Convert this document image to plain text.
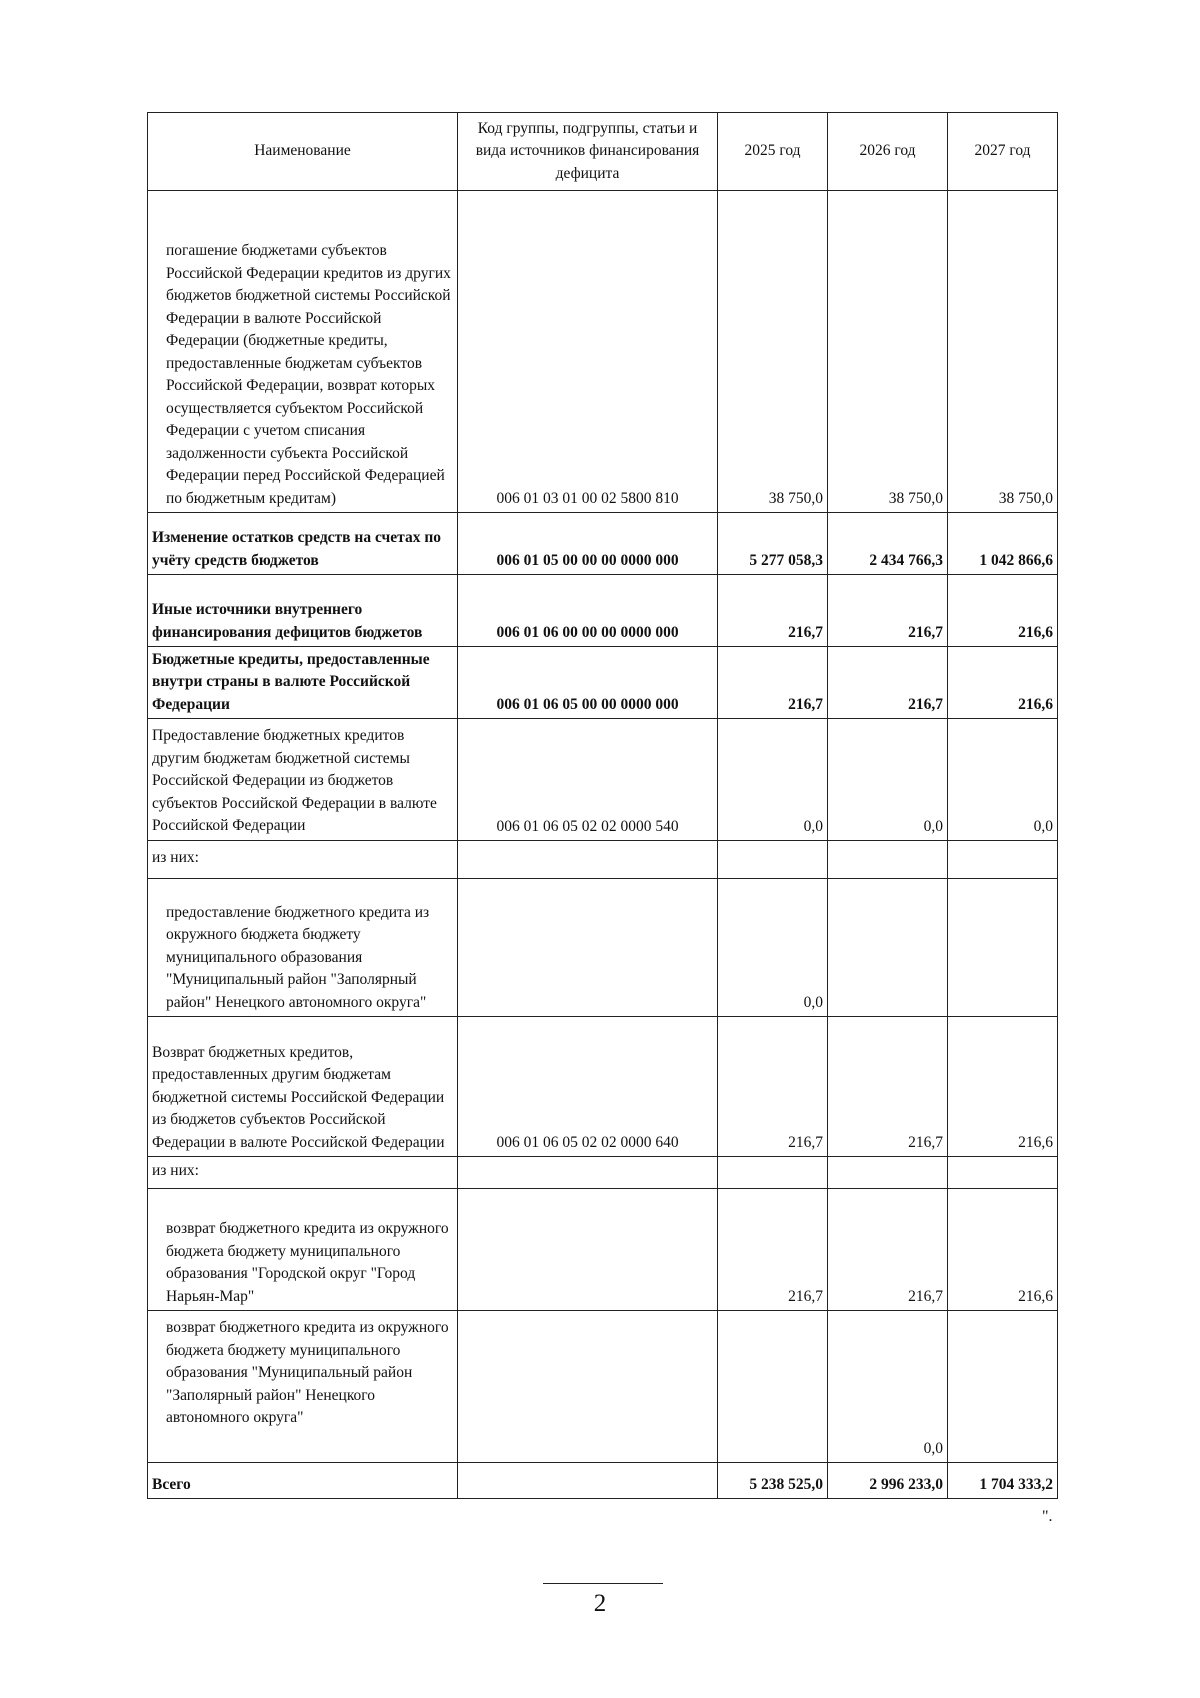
Наименование	Код группы, подгруппы, статьи и вида источников финансирования дефицита	2025 год	2026 год	2027 год
погашение бюджетами субъектов Российской Федерации кредитов из других бюджетов бюджетной системы Российской Федерации в валюте Российской Федерации (бюджетные кредиты, предоставленные бюджетам субъектов Российской Федерации, возврат которых осуществляется субъектом Российской Федерации с учетом списания задолженности субъекта Российской Федерации перед Российской Федерацией по бюджетным кредитам)	006 01 03 01 00 02 5800 810	38 750,0	38 750,0	38 750,0
Изменение остатков средств на счетах по учёту средств бюджетов	006 01 05 00 00 00 0000 000	5 277 058,3	2 434 766,3	1 042 866,6
Иные источники внутреннего финансирования дефицитов бюджетов	006 01 06 00 00 00 0000 000	216,7	216,7	216,6
Бюджетные кредиты, предоставленные внутри страны в валюте Российской Федерации	006 01 06 05 00 00 0000 000	216,7	216,7	216,6
Предоставление бюджетных кредитов другим бюджетам бюджетной системы Российской Федерации из бюджетов субъектов Российской Федерации в валюте Российской Федерации	006 01 06 05 02 02 0000 540	0,0	0,0	0,0
из них:				
предоставление бюджетного кредита из окружного бюджета бюджету муниципального образования "Муниципальный район "Заполярный район" Ненецкого автономного округа"		0,0		
Возврат бюджетных кредитов, предоставленных другим бюджетам бюджетной системы Российской Федерации из бюджетов субъектов Российской Федерации в валюте Российской Федерации	006 01 06 05 02 02 0000 640	216,7	216,7	216,6
из них:				
возврат бюджетного кредита из окружного бюджета бюджету муниципального образования "Городской округ "Город Нарьян-Мар"		216,7	216,7	216,6
возврат бюджетного кредита из окружного бюджета бюджету муниципального образования "Муниципальный район "Заполярный район" Ненецкого автономного округа"			0,0	
Всего		5 238 525,0	2 996 233,0	1 704 333,2
".
2
